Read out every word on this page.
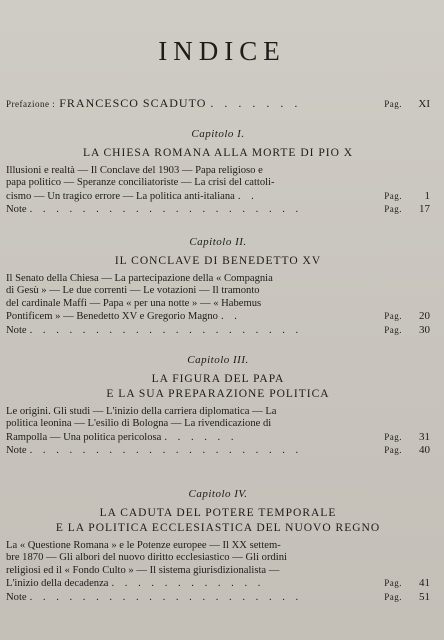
INDICE
Prefazione : FRANCESCO SCADUTO . . . . . . .	Pag.	XI
Capitolo I.
LA CHIESA ROMANA ALLA MORTE DI PIO X
Illusioni e realtà — Il Conclave del 1903 — Papa religioso e
papa politico — Speranze conciliatoriste — La crisi del cattoli-
cismo — Un tragico errore — La politica anti-italiana . .	Pag.	1
Note . . . . . . . . . . . . . . . . . . . . .	Pag.	17
Capitolo II.
IL CONCLAVE DI BENEDETTO XV
Il Senato della Chiesa — La partecipazione della « Compagnia
di Gesù » — Le due correnti — Le votazioni — Il tramonto
del cardinale Maffi — Papa « per una notte » — « Habemus
Pontificem » — Benedetto XV e Gregorio Magno . .	Pag.	20
Note . . . . . . . . . . . . . . . . . . . . .	Pag.	30
Capitolo III.
LA FIGURA DEL PAPA
E LA SUA PREPARAZIONE POLITICA
Le origini. Gli studi — L'inizio della carriera diplomatica — La
politica leonina — L'esilio di Bologna — La rivendicazione di
Rampolla — Una politica pericolosa . . . . . .	Pag.	31
Note . . . . . . . . . . . . . . . . . . . . .	Pag.	40
Capitolo IV.
LA CADUTA DEL POTERE TEMPORALE
E LA POLITICA ECCLESIASTICA DEL NUOVO REGNO
La « Questione Romana » e le Potenze europee — Il XX settem-
bre 1870 — Gli albori del nuovo diritto ecclesiastico — Gli ordini
religiosi ed il « Fondo Culto » — Il sistema giurisdizionalista —
L'inizio della decadenza . . . . . . . . . . . .	Pag.	41
Note . . . . . . . . . . . . . . . . . . . . .	Pag.	51
